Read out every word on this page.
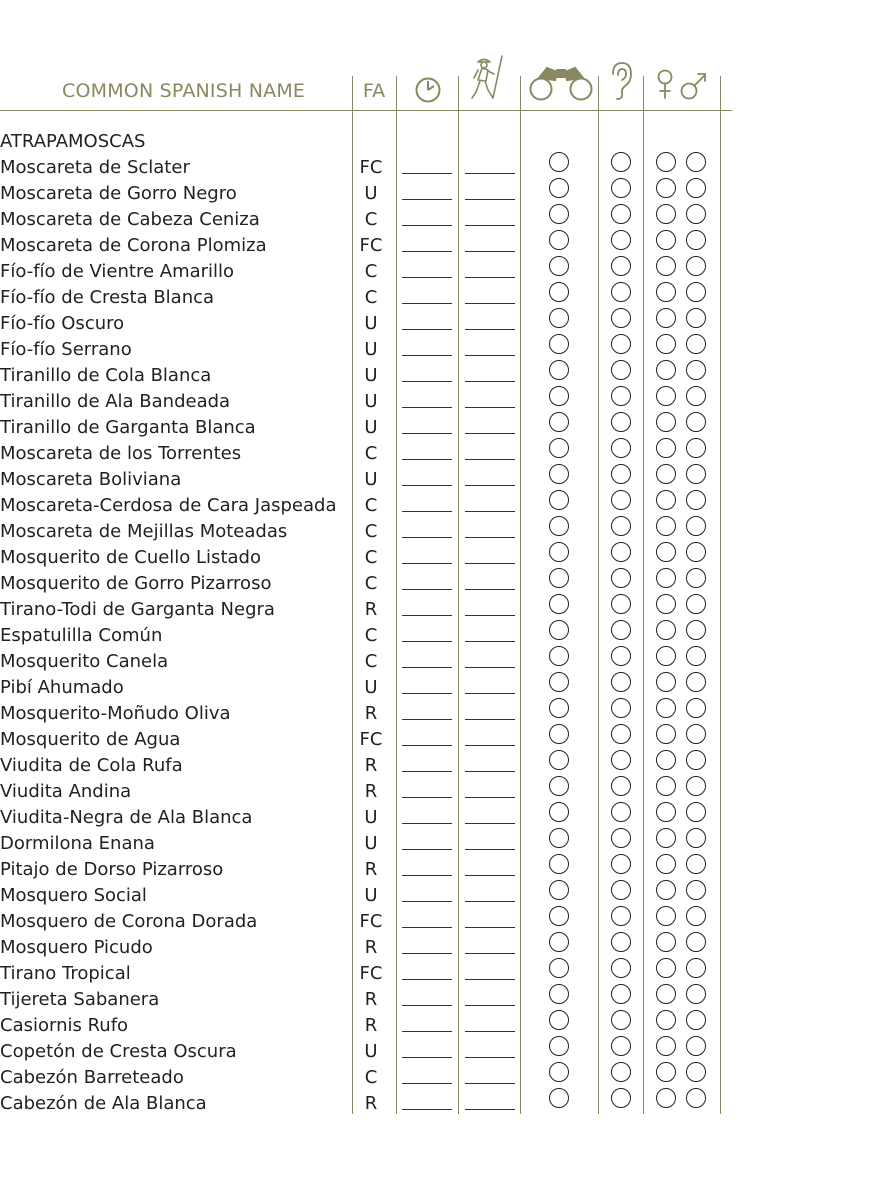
COMMON SPANISH NAME	FA
ATRAPAMOSCAS
Moscareta de Sclater	FC
Moscareta de Gorro Negro	U
Moscareta de Cabeza Ceniza	C
Moscareta de Corona Plomiza	FC
Fío-fío de Vientre Amarillo	C
Fío-fío de Cresta Blanca	C
Fío-fío Oscuro	U
Fío-fío Serrano	U
Tiranillo de Cola Blanca	U
Tiranillo de Ala Bandeada	U
Tiranillo de Garganta Blanca	U
Moscareta de los Torrentes	C
Moscareta Boliviana	U
Moscareta-Cerdosa de Cara Jaspeada	C
Moscareta de Mejillas Moteadas	C
Mosquerito de Cuello Listado	C
Mosquerito de Gorro Pizarroso	C
Tirano-Todi de Garganta Negra	R
Espatulilla Común	C
Mosquerito Canela	C
Pibí Ahumado	U
Mosquerito-Moñudo Oliva	R
Mosquerito de Agua	FC
Viudita de Cola Rufa	R
Viudita Andina	R
Viudita-Negra de Ala Blanca	U
Dormilona Enana	U
Pitajo de Dorso Pizarroso	R
Mosquero Social	U
Mosquero de Corona Dorada	FC
Mosquero Picudo	R
Tirano Tropical	FC
Tijereta Sabanera	R
Casiornis Rufo	R
Copetón de Cresta Oscura	U
Cabezón Barreteado	C
Cabezón de Ala Blanca	R
